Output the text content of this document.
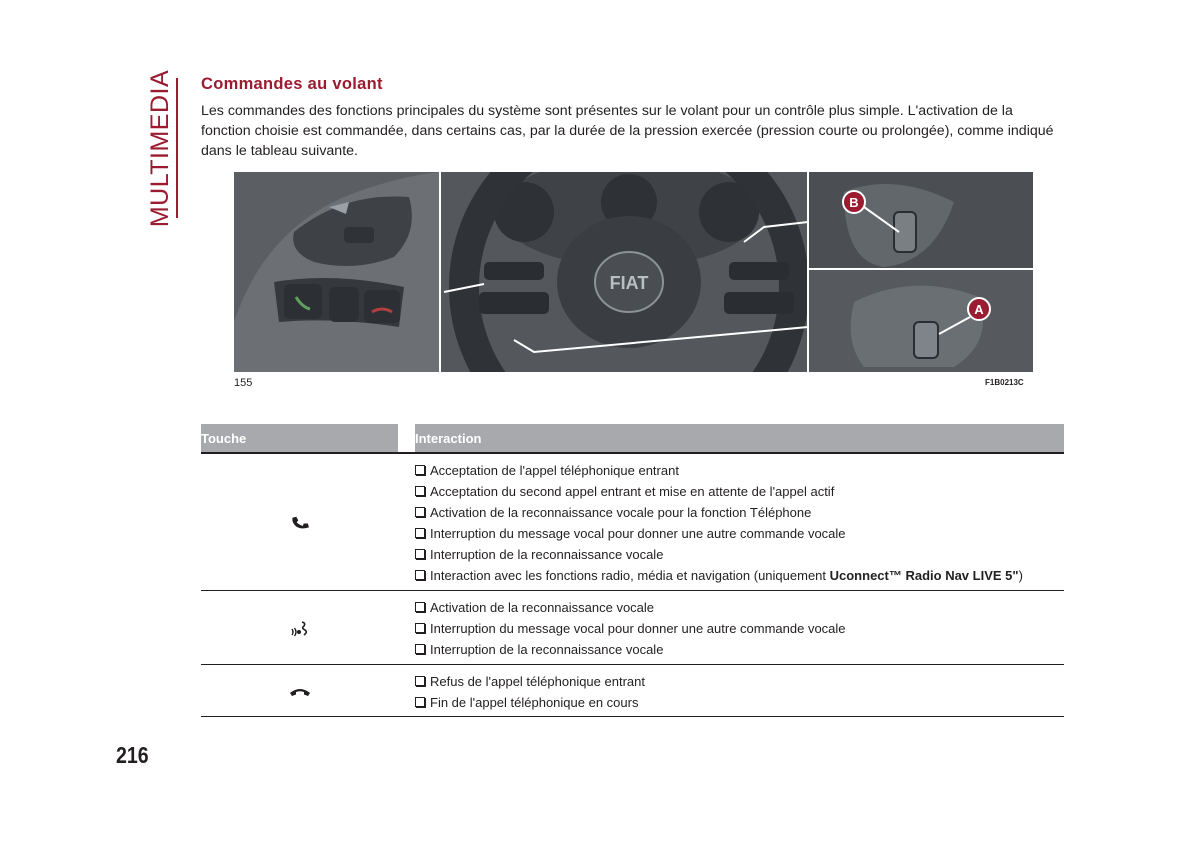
MULTIMEDIA Commandes au volant

Les commandes des fonctions principales du système sont présentes sur le volant pour un contrôle plus simple. L'activation de la fonction choisie est commandée, dans certains cas, par la durée de la pression exercée (pression courte ou prolongée), comme indiqué dans le tableau suivante.

FIAT
B
A
155	F1B0213C
Touche	Interaction
Acceptation de l'appel téléphonique entrant
Acceptation du second appel entrant et mise en attente de l'appel actif
Activation de la reconnaissance vocale pour la fonction Téléphone
Interruption du message vocal pour donner une autre commande vocale
Interruption de la reconnaissance vocale
Interaction avec les fonctions radio, média et navigation (uniquement Uconnect™ Radio Nav LIVE 5")
Activation de la reconnaissance vocale
Interruption du message vocal pour donner une autre commande vocale
Interruption de la reconnaissance vocale
Refus de l'appel téléphonique entrant
Fin de l'appel téléphonique en cours
216
